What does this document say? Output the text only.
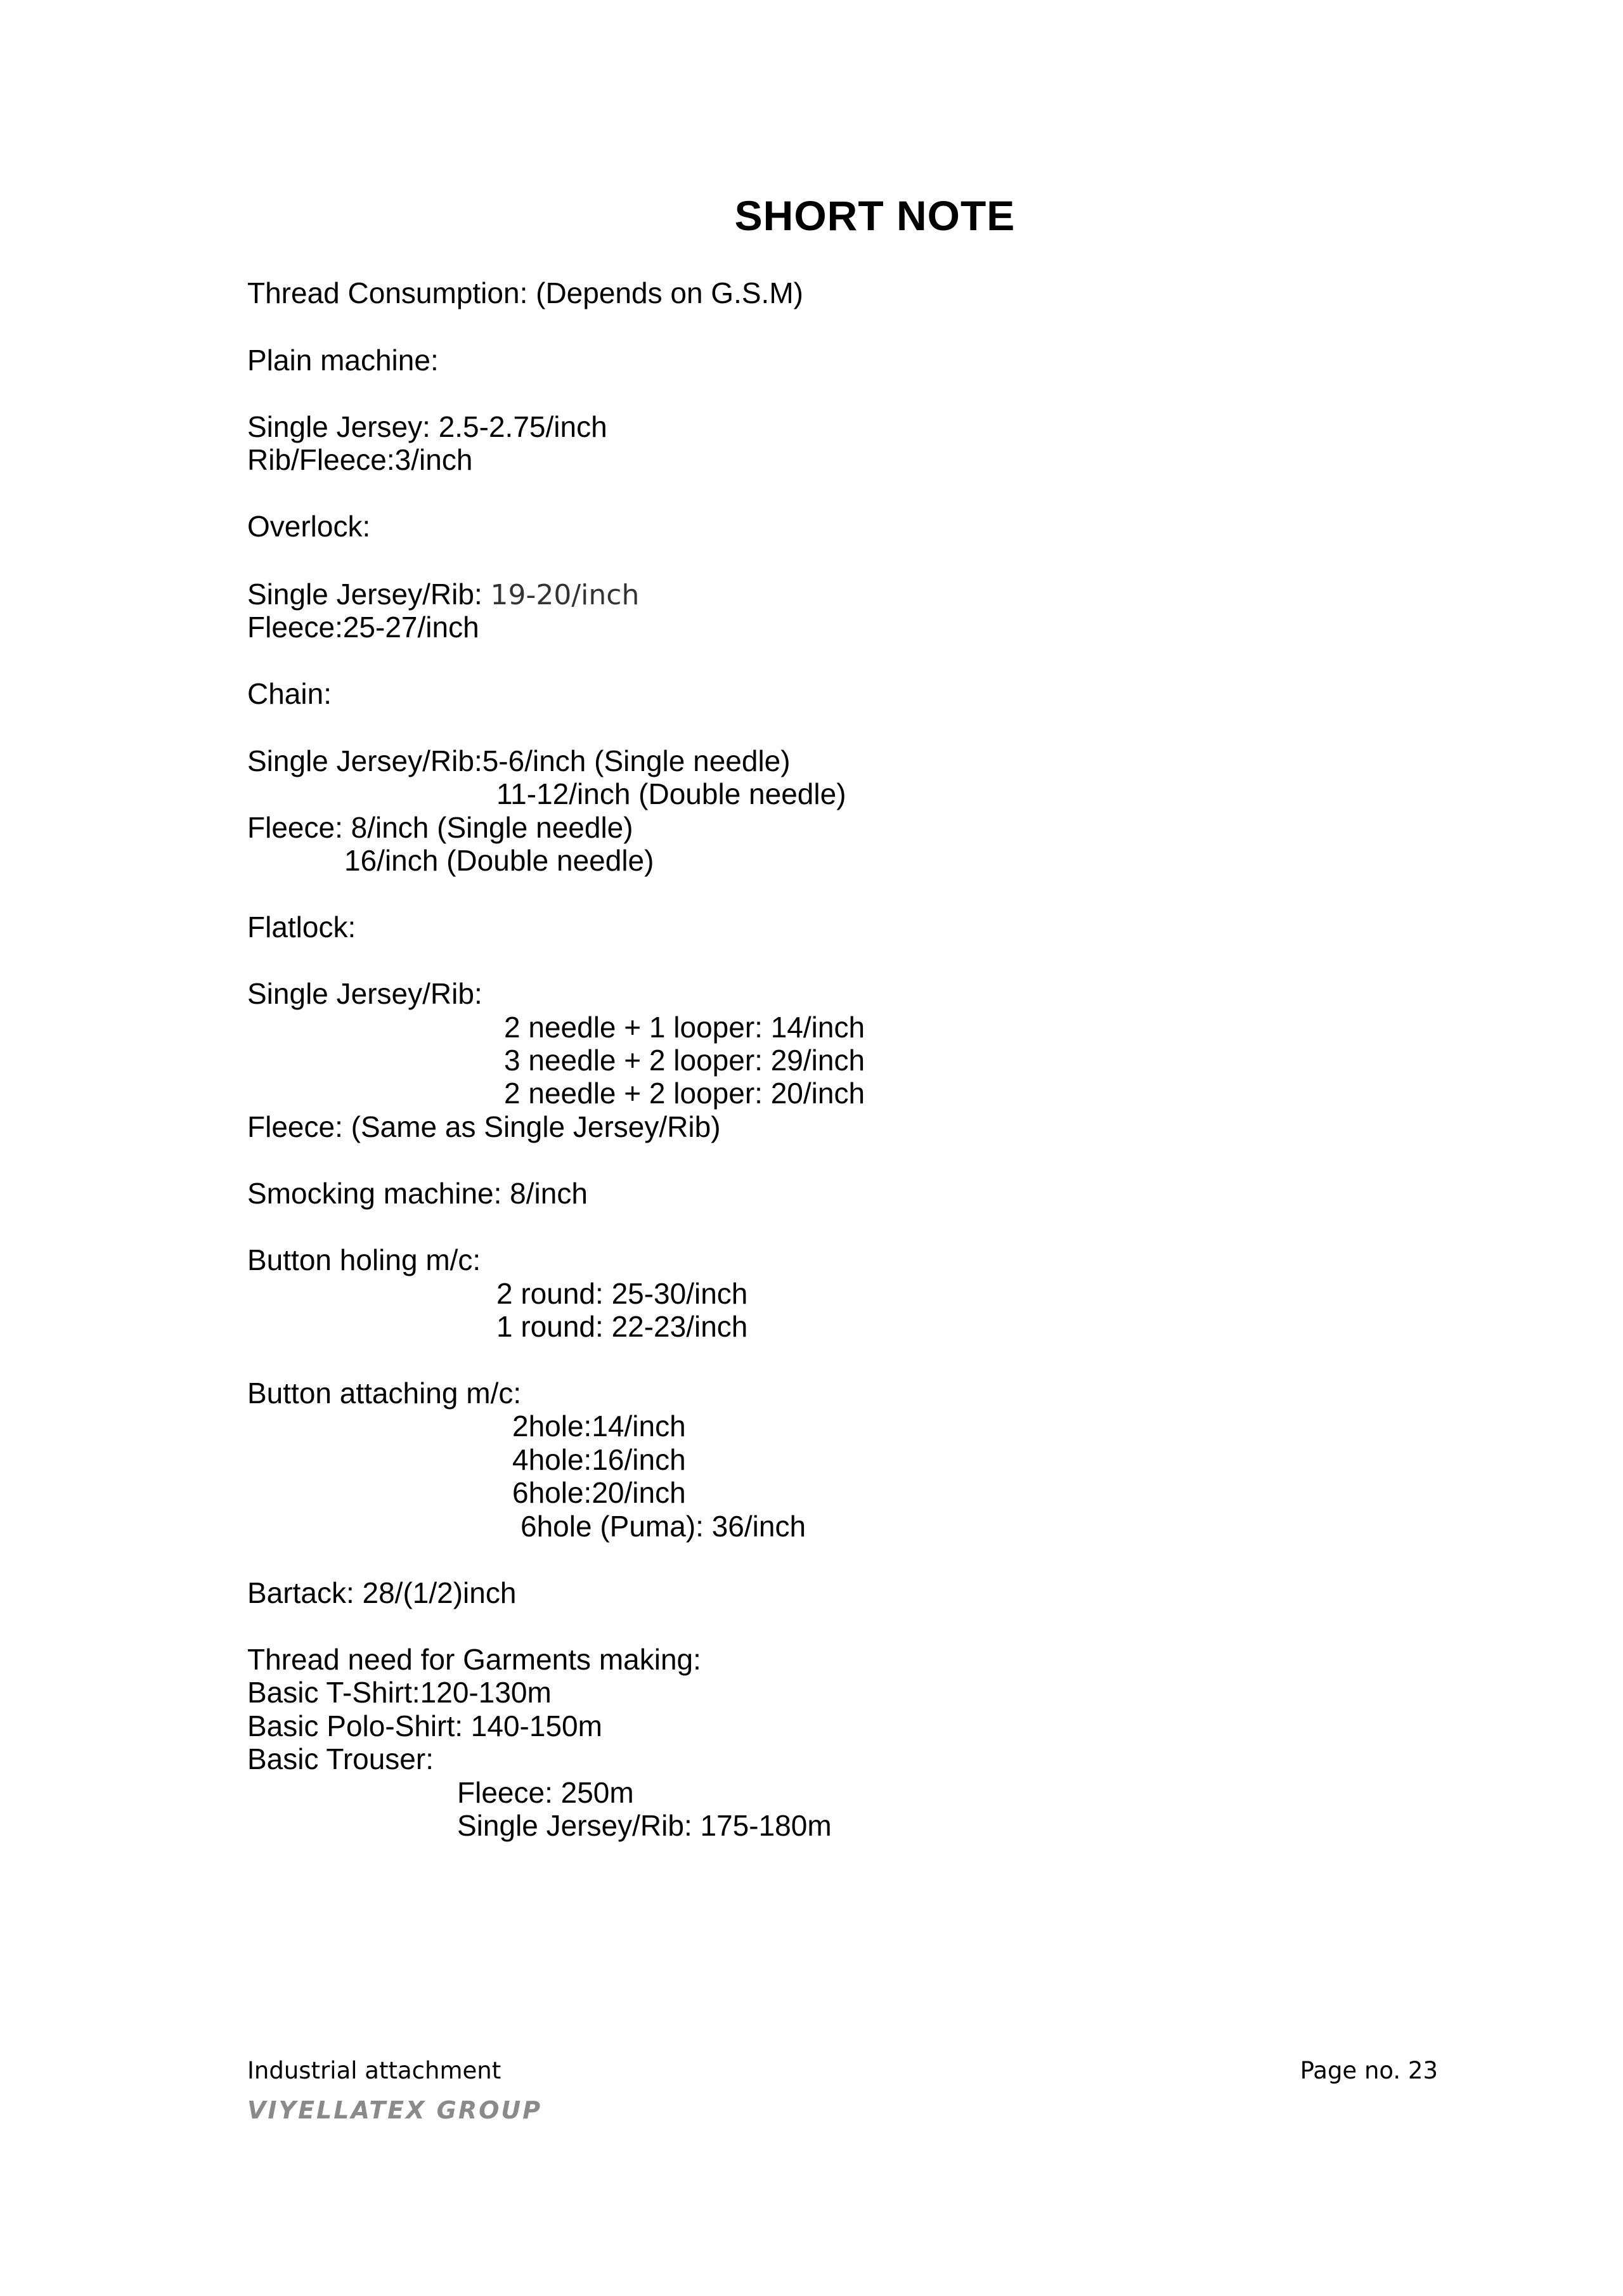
SHORT NOTE
Thread Consumption: (Depends on G.S.M)
Plain machine:
Single Jersey: 2.5-2.75/inch
Rib/Fleece:3/inch
Overlock:
Single Jersey/Rib: 19-20/inch
Fleece:25-27/inch
Chain:
Single Jersey/Rib:5-6/inch (Single needle)
11-12/inch (Double needle)
Fleece: 8/inch (Single needle)
16/inch (Double needle)
Flatlock:
Single Jersey/Rib:
2 needle + 1 looper: 14/inch
3 needle + 2 looper: 29/inch
2 needle + 2 looper: 20/inch
Fleece: (Same as Single Jersey/Rib)
Smocking machine: 8/inch
Button holing m/c:
2 round: 25-30/inch
1 round: 22-23/inch
Button attaching m/c:
2hole:14/inch
4hole:16/inch
6hole:20/inch
6hole (Puma): 36/inch
Bartack: 28/(1/2)inch
Thread need for Garments making:
Basic T-Shirt:120-130m
Basic Polo-Shirt: 140-150m
Basic Trouser:
Fleece: 250m
Single Jersey/Rib: 175-180m
Industrial attachment
VIYELLATEX GROUP
Page no. 23
